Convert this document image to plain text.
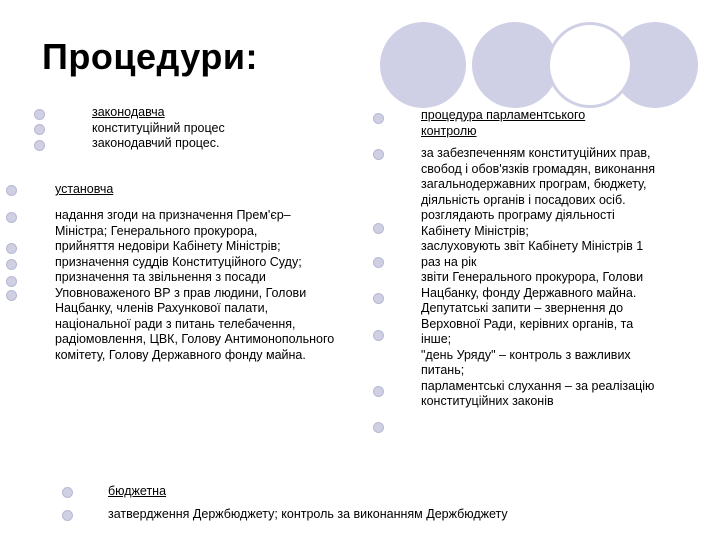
Процедури:
законодавча
конституційний процес
законодавчий процес.
установча
надання згоди на призначення Прем'єр–
Міністра; Генерального прокурора,
прийняття недовіри Кабінету Міністрів;
призначення суддів Конституційного Суду;
призначення та звільнення з посади
Уповноваженого ВР з прав людини, Голови
Нацбанку, членів Рахункової палати,
національної ради з питань телебачення,
радіомовлення, ЦВК, Голову Антимонопольного
комітету, Голову Державного фонду майна.
процедура парламентського
контролю
за забезпеченням конституційних прав,
свобод і обов'язків громадян, виконання
загальнодержавних програм, бюджету,
діяльність органів і посадових осіб.
розглядають програму діяльності
Кабінету Міністрів;
заслуховують звіт Кабінету Міністрів 1
раз на рік
звіти Генерального прокурора, Голови
Нацбанку, фонду Державного майна.
Депутатські запити – звернення до
Верховної Ради, керівних органів, та
інше;
"день Уряду" – контроль з важливих
питань;
парламентські слухання – за реалізацію
конституційних законів
бюджетна
затвердження Держбюджету; контроль за виконанням Держбюджету
